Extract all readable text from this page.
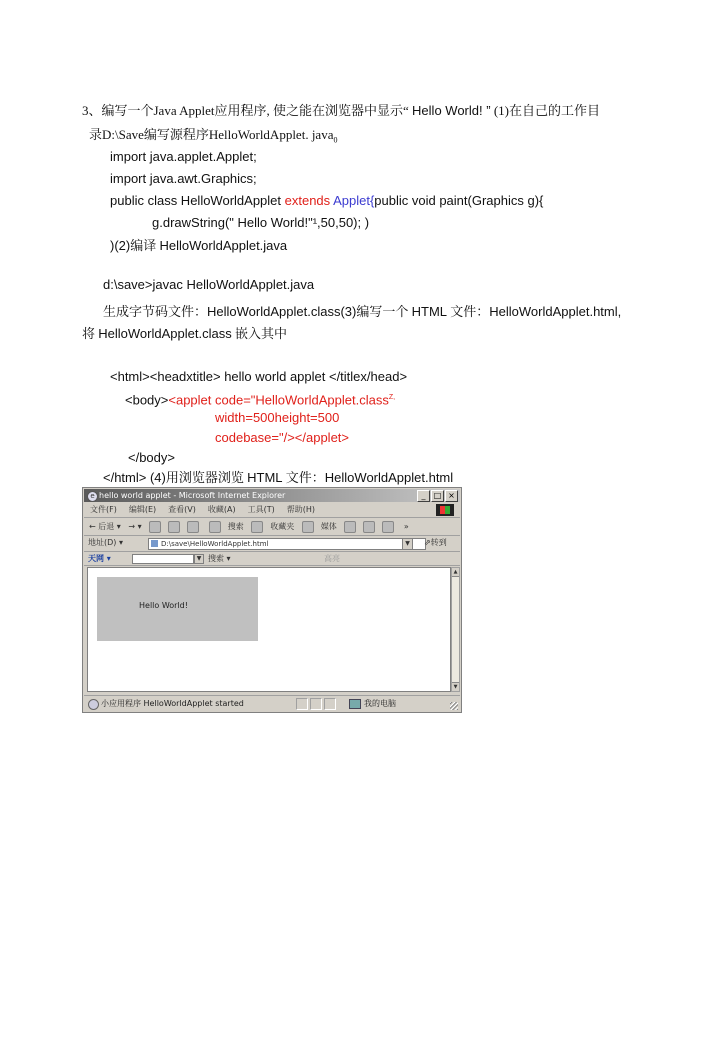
3、编写一个Java Applet应用程序, 使之能在浏览器中显示“ Hello World! ” (1)在自己的工作目
录D:\Save编写源程序HelloWorldApplet. java$_0$
import java.applet.Applet;
import java.awt.Graphics;
public class HelloWorldApplet extends Applet{public void paint(Graphics g){
g.drawString(" Hello World!"¹,50,50); )
)(2)编译 HelloWorldApplet.java
d:\save>javac HelloWorldApplet.java
生成字节码文件：HelloWorldApplet.class(3)编写一个 HTML 文件：HelloWorldApplet.html,
将 HelloWorldApplet.class 嵌入其中
<html><headxtitle> hello world applet </titlex/head>
<body><applet code="HelloWorldApplet.class$^{Z,}$
width=500height=500
codebase="/></applet>
</body>
</html> (4)用浏览器浏览 HTML 文件：HelloWorldApplet.html
e hello world applet - Microsoft Internet Explorer	_ □ ×
文件(F) 编辑(E) 查看(V) 收藏(A) 工具(T) 帮助(H)
← 后退 ▾ → ▾	搜索	收藏夹	媒体	»
地址(D) ▾	D:\save\HelloWorldApplet.html	▼	⇗转到
天网 ▾	▼ 搜索 ▾	高亮
Hello World!
▲
▼
小应用程序 HelloWorldApplet started	我的电脑
